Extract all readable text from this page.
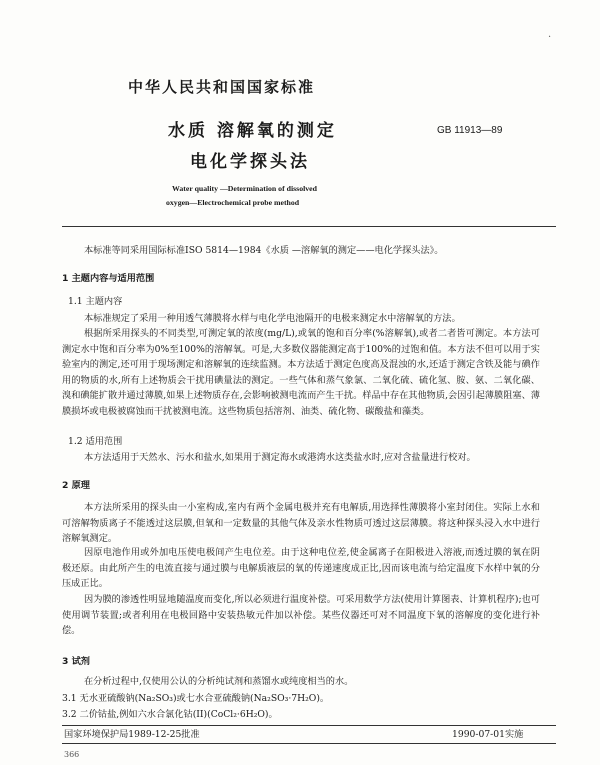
·
中华人民共和国国家标准
水质 溶解氧的测定
电化学探头法
GB 11913—89
Water quality —Determination of dissolved
oxygen—Electrochemical probe method
本标准等同采用国际标准ISO 5814—1984《水质 —溶解氧的测定——电化学探头法》。
1 主题内容与适用范围
1.1 主题内容
本标准规定了采用一种用透气薄膜将水样与电化学电池隔开的电极来测定水中溶解氧的方法。
根据所采用探头的不同类型,可测定氧的浓度(mg/L),或氧的饱和百分率(%溶解氧),或者二者皆可测定。本方法可测定水中饱和百分率为0%至100%的溶解氧。可是,大多数仪器能测定高于100%的过饱和值。本方法不但可以用于实验室内的测定,还可用于现场测定和溶解氧的连续监测。本方法适于测定色度高及混浊的水,还适于测定含铁及能与碘作用的物质的水,所有上述物质会干扰用碘量法的测定。一些气体和蒸气象氯、二氧化硫、硫化氢、胺、氨、二氧化碳、溴和碘能扩散并通过薄膜,如果上述物质存在,会影响被测电流而产生干扰。样品中存在其他物质,会因引起薄膜阻塞、薄膜损坏或电极被腐蚀而干扰被测电流。这些物质包括溶剂、油类、硫化物、碳酸盐和藻类。
1.2 适用范围
本方法适用于天然水、污水和盐水,如果用于测定海水或港湾水这类盐水时,应对含盐量进行校对。
2 原理
本方法所采用的探头由一小室构成,室内有两个金属电极并充有电解质,用选择性薄膜将小室封闭住。实际上水和可溶解物质离子不能透过这层膜,但氧和一定数量的其他气体及亲水性物质可透过这层薄膜。将这种探头浸入水中进行溶解氧测定。
因原电池作用或外加电压使电极间产生电位差。由于这种电位差,使金属离子在阳极进入溶液,而透过膜的氧在阴极还原。由此所产生的电流直接与通过膜与电解质液层的氧的传递速度成正比,因而该电流与给定温度下水样中氧的分压成正比。
因为膜的渗透性明显地随温度而变化,所以必须进行温度补偿。可采用数学方法(使用计算图表、计算机程序);也可使用调节装置;或者利用在电极回路中安装热敏元件加以补偿。某些仪器还可对不同温度下氧的溶解度的变化进行补偿。
3 试剂
在分析过程中,仅使用公认的分析纯试剂和蒸馏水或纯度相当的水。
3.1 无水亚硫酸钠(Na₂SO₃)或七水合亚硫酸钠(Na₂SO₃·7H₂O)。
3.2 二价钴盐,例如六水合氯化钴(II)(CoCl₂·6H₂O)。
国家环境保护局1989-12-25批准	1990-07-01实施
366
